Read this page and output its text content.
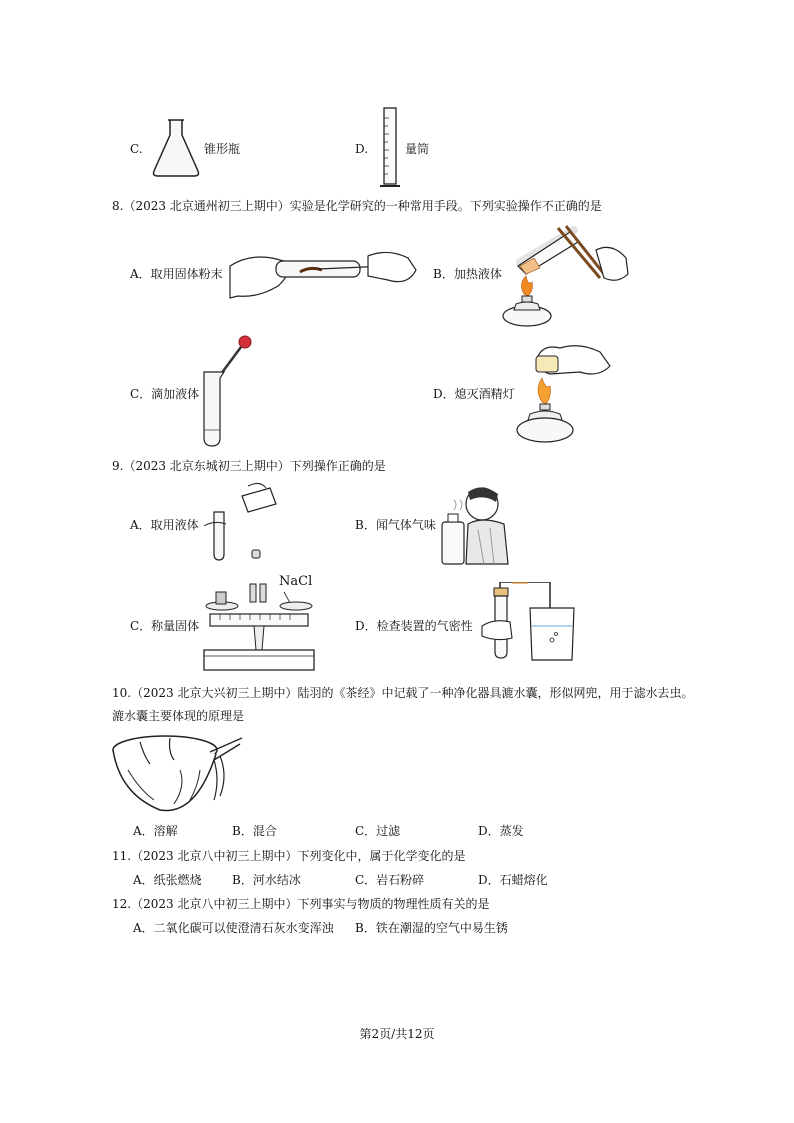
C.	锥形瓶	D.	量筒
8.（2023 北京通州初三上期中）实验是化学研究的一种常用手段。下列实验操作不正确的是
A．取用固体粉末	B．加热液体
C．滴加液体	D．熄灭酒精灯
9.（2023 北京东城初三上期中）下列操作正确的是
A．取用液体	B．闻气体气味
C．称量固体
NaCl
D．检查装置的气密性
10.（2023 北京大兴初三上期中）陆羽的《茶经》中记载了一种净化器具漉水囊，形似网兜，用于滤水去虫。
漉水囊主要体现的原理是
A．溶解	B．混合	C．过滤	D．蒸发
11.（2023 北京八中初三上期中）下列变化中，属于化学变化的是
A．纸张燃烧	B．河水结冰	C．岩石粉碎	D．石蜡熔化
12.（2023 北京八中初三上期中）下列事实与物质的物理性质有关的是
A．二氧化碳可以使澄清石灰水变浑浊 B．铁在潮湿的空气中易生锈
第2页/共12页
